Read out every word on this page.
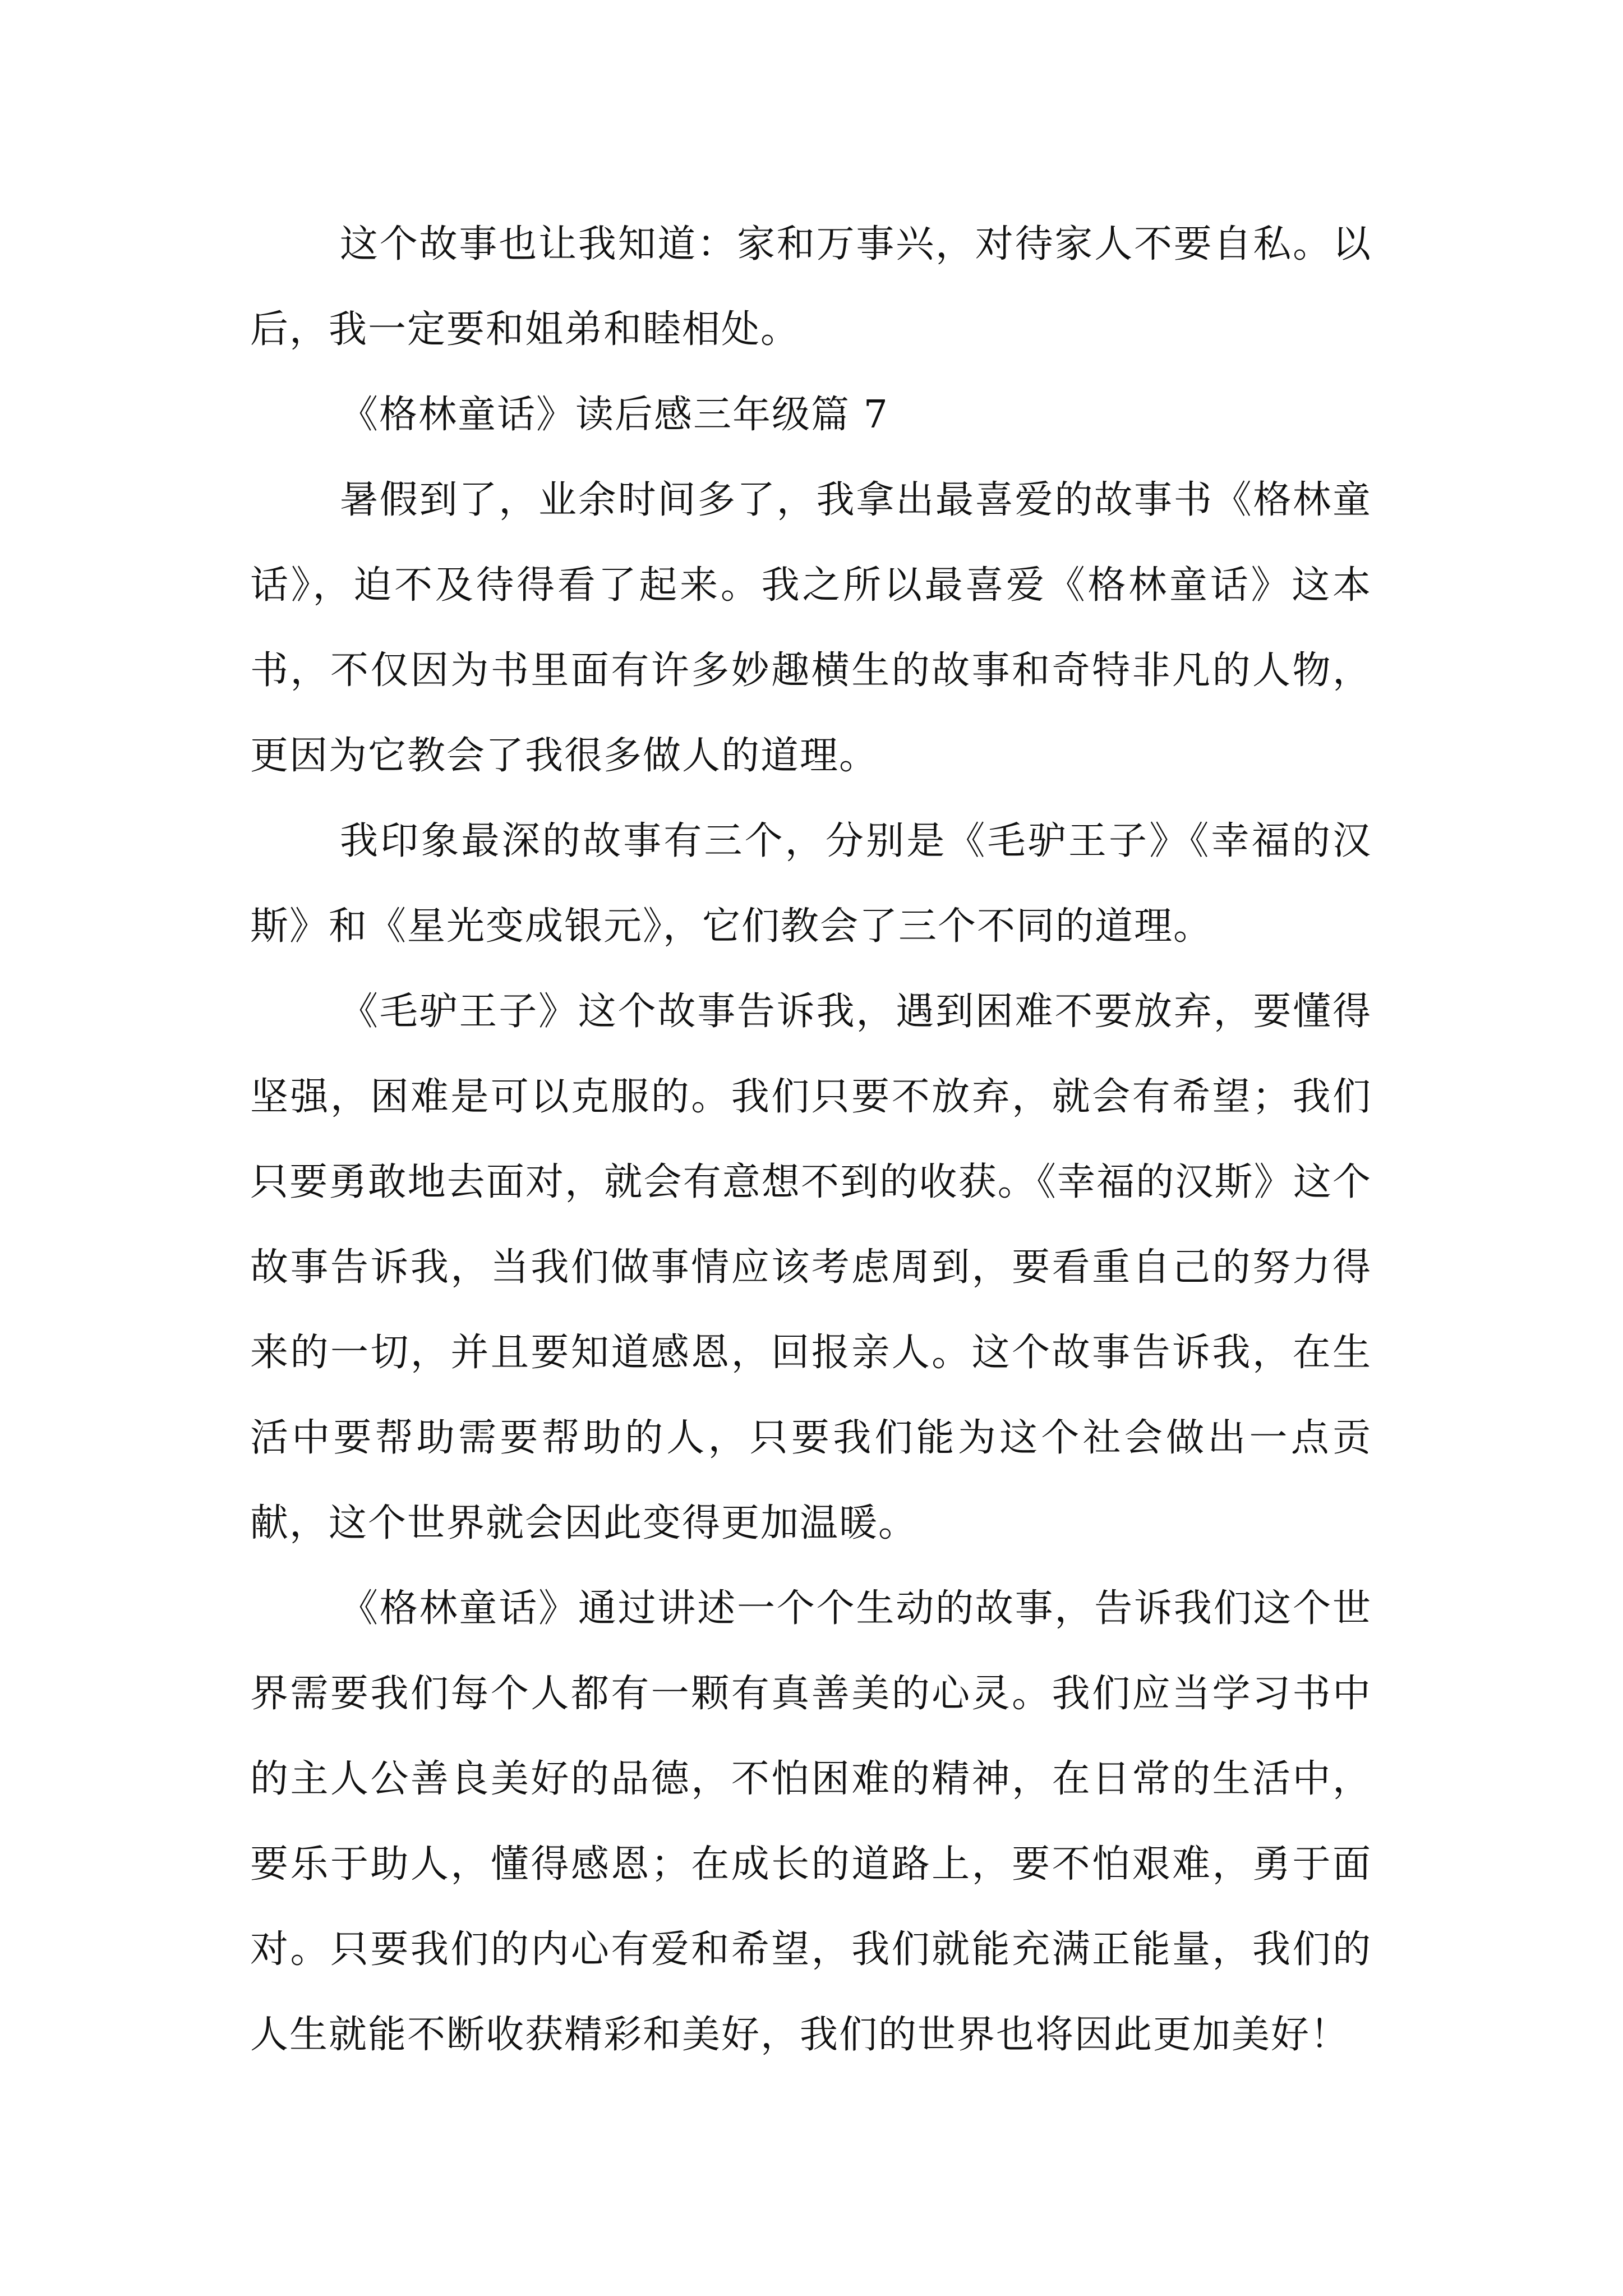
这个故事也让我知道：家和万事兴，对待家人不要自私。以后，我一定要和姐弟和睦相处。

《格林童话》读后感三年级篇 7

暑假到了，业余时间多了，我拿出最喜爱的故事书《格林童话》，迫不及待得看了起来。我之所以最喜爱《格林童话》这本书，不仅因为书里面有许多妙趣横生的故事和奇特非凡的人物，更因为它教会了我很多做人的道理。

我印象最深的故事有三个，分别是《毛驴王子》《幸福的汉斯》和《星光变成银元》，它们教会了三个不同的道理。

《毛驴王子》这个故事告诉我，遇到困难不要放弃，要懂得坚强，困难是可以克服的。我们只要不放弃，就会有希望；我们只要勇敢地去面对，就会有意想不到的收获。《幸福的汉斯》这个故事告诉我，当我们做事情应该考虑周到，要看重自己的努力得来的一切，并且要知道感恩，回报亲人。这个故事告诉我，在生活中要帮助需要帮助的人，只要我们能为这个社会做出一点贡献，这个世界就会因此变得更加温暖。

《格林童话》通过讲述一个个生动的故事，告诉我们这个世界需要我们每个人都有一颗有真善美的心灵。我们应当学习书中的主人公善良美好的品德，不怕困难的精神，在日常的生活中，要乐于助人，懂得感恩；在成长的道路上，要不怕艰难，勇于面对。只要我们的内心有爱和希望，我们就能充满正能量，我们的人生就能不断收获精彩和美好，我们的世界也将因此更加美好！
